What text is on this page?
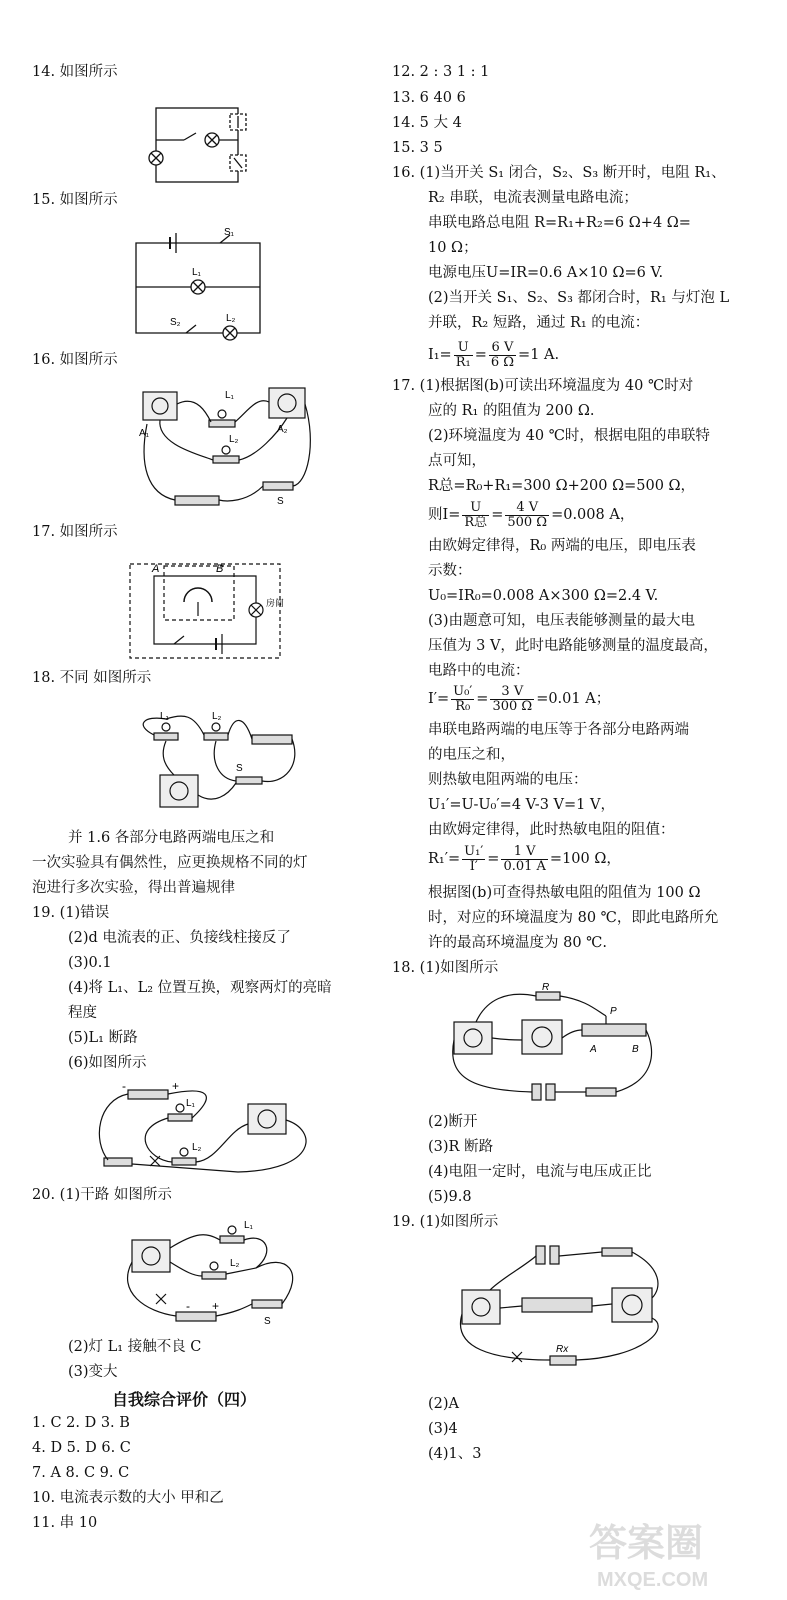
14. 如图所示
15. 如图所示
S₁
L₁
S₂	L₂
16. 如图所示
L₁
L₂
A₁	A₂
S
17. 如图所示
A	B
房间
18. 不同 如图所示
L₁	L₂
S
并 1.6 各部分电路两端电压之和
一次实验具有偶然性，应更换规格不同的灯
泡进行多次实验，得出普遍规律
19. (1)错误
(2)d 电流表的正、负接线柱接反了
(3)0.1
(4)将 L₁、L₂ 位置互换，观察两灯的亮暗
程度
(5)L₁ 断路
(6)如图所示
-	+
L₁
L₂
20. (1)干路 如图所示
L₁
L₂
- +
S
(2)灯 L₁ 接触不良 C
(3)变大
自我综合评价（四）
1. C 2. D 3. B
4. D 5. D 6. C
7. A 8. C 9. C
10. 电流表示数的大小 甲和乙
11. 串 10
12. 2 : 3 1 : 1
13. 6 40 6
14. 5 大 4
15. 3 5
16. (1)当开关 S₁ 闭合，S₂、S₃ 断开时，电阻 R₁、
R₂ 串联，电流表测量电路电流；
串联电路总电阻 R=R₁+R₂=6 Ω+4 Ω=
10 Ω；
电源电压U=IR=0.6 A×10 Ω=6 V.
(2)当开关 S₁、S₂、S₃ 都闭合时，R₁ 与灯泡 L
并联，R₂ 短路，通过 R₁ 的电流：
$I_1= \frac{U}{\text{R₁}} = \frac{6 V}{6 \Omega} =1$ A.
17. (1)根据图(b)可读出环境温度为 40 ℃时对
应的 R₁ 的阻值为 200 Ω.
(2)环境温度为 40 ℃时，根据电阻的串联特
点可知，
R总=R₀+R₁=300 Ω+200 Ω=500 Ω，
则$I= \frac{U}{\text{R总}} = \frac{4 V}{500 \Omega} =0.008$ A，
由欧姆定律得，R₀ 两端的电压，即电压表
示数：
U₀=IR₀=0.008 A×300 Ω=2.4 V.
(3)由题意可知，电压表能够测量的最大电
压值为 3 V，此时电路能够测量的温度最高，
电路中的电流：
$I'= \frac{\text{U₀′}}{\text{R₀}} = \frac{3 V}{300 \Omega} =0.01$ A；
串联电路两端的电压等于各部分电路两端
的电压之和，
则热敏电阻两端的电压：
U₁′=U-U₀′=4 V-3 V=1 V，
由欧姆定律得，此时热敏电阻的阻值：
$R_1'= \frac{\text{U₁′}}{I'} = \frac{1 V}{0.01 A} =100$ Ω，
根据图(b)可查得热敏电阻的阻值为 100 Ω
时，对应的环境温度为 80 ℃，即此电路所允
许的最高环境温度为 80 ℃.
18. (1)如图所示
R
P
A	B
(2)断开
(3)R 断路
(4)电阻一定时，电流与电压成正比
(5)9.8
19. (1)如图所示
Rx
(2)A
(3)4
(4)1、3
答案圈
MXQE.COM
